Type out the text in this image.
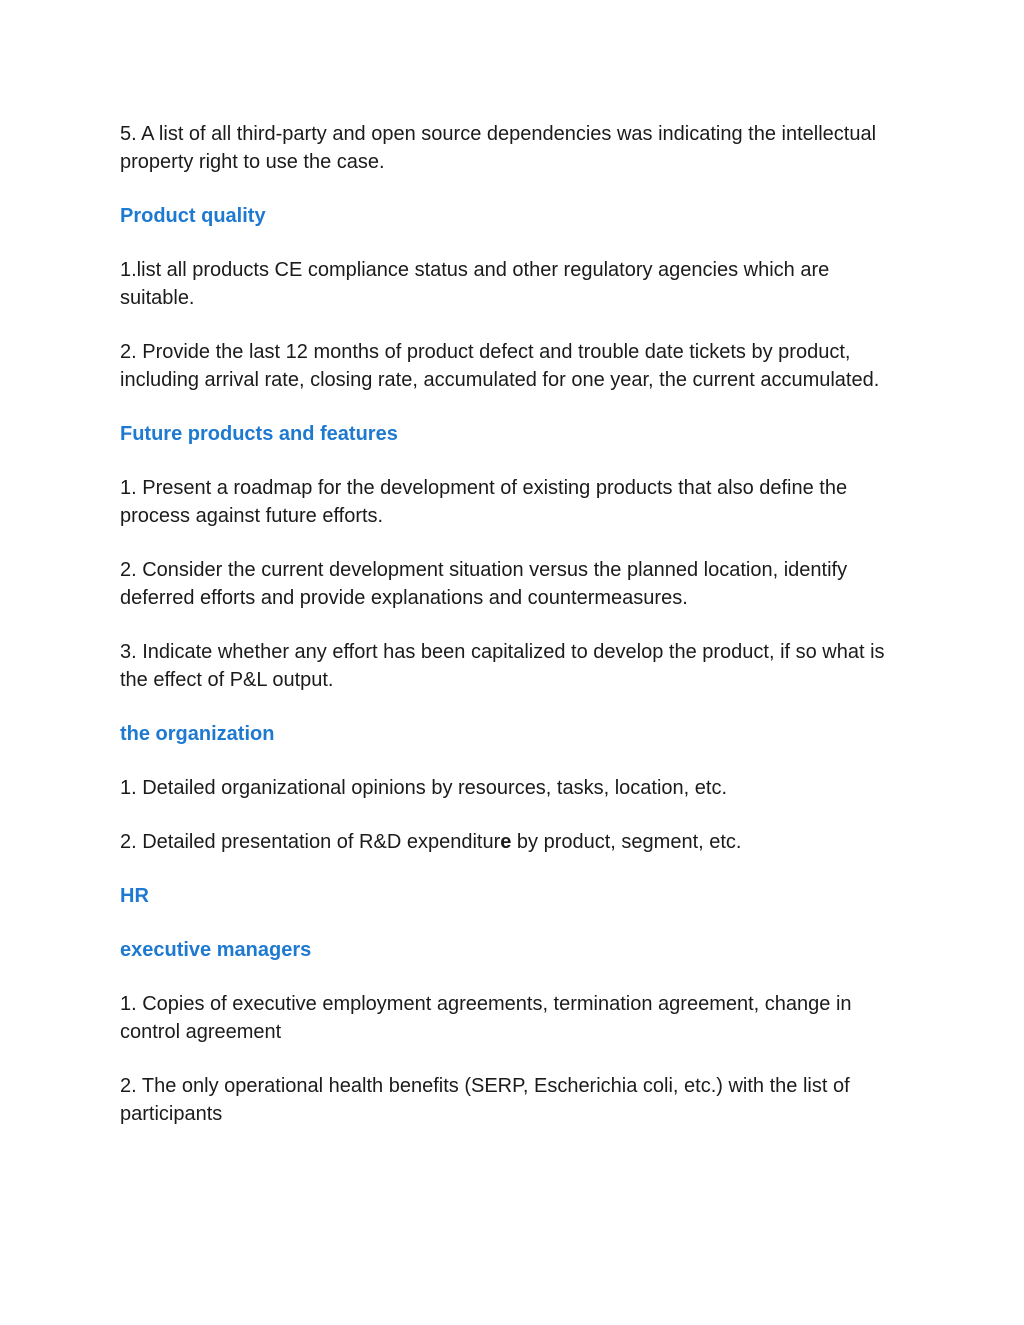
5. A list of all third-party and open source dependencies was indicating the intellectual property right to use the case.

Product quality

1.list all products CE compliance status and other regulatory agencies which are suitable.

2. Provide the last 12 months of product defect and trouble date tickets by product, including arrival rate, closing rate, accumulated for one year, the current accumulated.

Future products and features

1. Present a roadmap for the development of existing products that also define the process against future efforts.

2. Consider the current development situation versus the planned location, identify deferred efforts and provide explanations and countermeasures.

3. Indicate whether any effort has been capitalized to develop the product, if so what is the effect of P&L output.

the organization

1. Detailed organizational opinions by resources, tasks, location, etc.

2. Detailed presentation of R&D expenditure by product, segment, etc.

HR
executive managers

1. Copies of executive employment agreements, termination agreement, change in control agreement

2. The only operational health benefits (SERP, Escherichia coli, etc.) with the list of participants
